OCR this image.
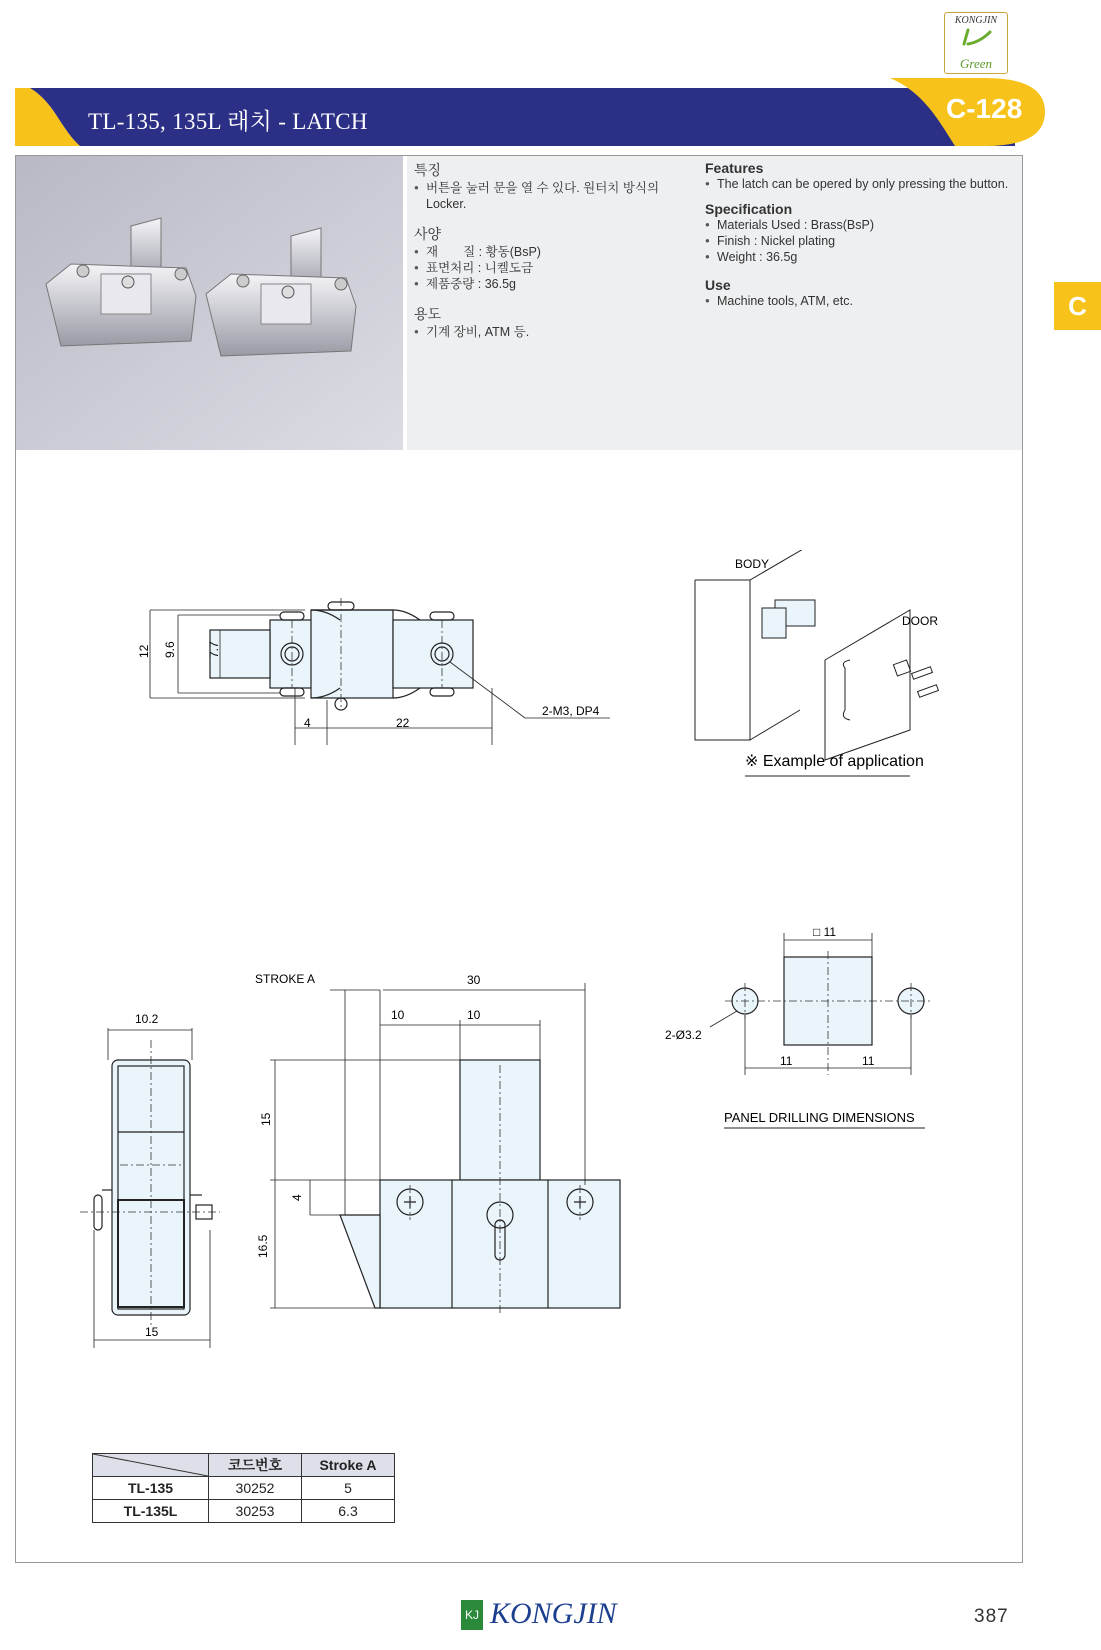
KONGJIN
Green
TL-135, 135L 래치 - LATCH	C-128
C
특징
● 버튼을 눌러 문을 열 수 있다. 원터치 방식의 Locker.
사양
● 재　　질 : 황동(BsP)
● 표면처리 : 니켈도금
● 제품중량 : 36.5g
용도
● 기계 장비, ATM 등.
Features
● The latch can be opered by only pressing the button.
Specification
● Materials Used : Brass(BsP)
● Finish : Nickel plating
● Weight : 36.5g
Use
● Machine tools, ATM, etc.
12 9.6	7.7
4	22
2-M3, DP4
BODY
DOOR
※ Example of application
10.2
15
STROKE A	30
10	10
15
4
16.5
□ 11
2-Ø3.2
11	11
PANEL DRILLING DIMENSIONS
	코드번호	Stroke A
TL-135	30252	5
TL-135L	30253	6.3
KJ KONGJIN	387
